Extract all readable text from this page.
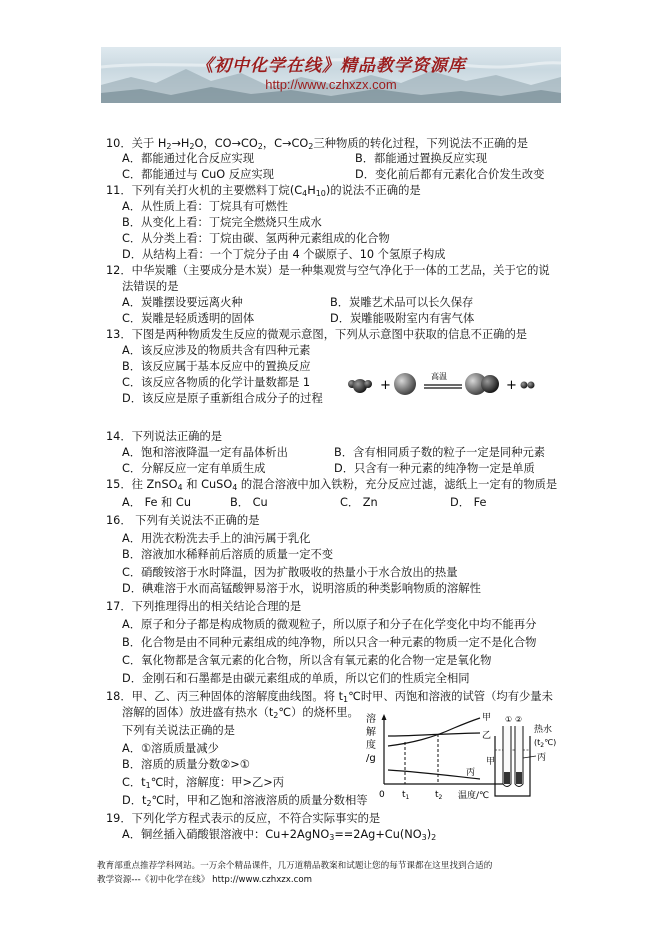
《初中化学在线》精品教学资源库
http://www.czhxzx.com
10．关于 $H_2\to H_2O$，$CO\to CO_2$，$C\to CO_2$三种物质的转化过程，下列说法不正确的是
A．都能通过化合反应实现	B．都能通过置换反应实现
C．都能通过与 CuO 反应实现	D．变化前后都有元素化合价发生改变
11．下列有关打火机的主要燃料丁烷$(C_4H_{10})$的说法不正确的是
A．从性质上看：丁烷具有可燃性
B．从变化上看：丁烷完全燃烧只生成水
C．从分类上看：丁烷由碳、氢两种元素组成的化合物
D．从结构上看：一个丁烷分子由 4 个碳原子、10 个氢原子构成
12．中华炭雕（主要成分是木炭）是一种集观赏与空气净化于一体的工艺品，关于它的说
法错误的是
A．炭雕摆设要远离火种	B．炭雕艺术品可以长久保存
C．炭雕是轻质透明的固体	D．炭雕能吸附室内有害气体
13．下图是两种物质发生反应的微观示意图，下列从示意图中获取的信息不正确的是
A．该反应涉及的物质共含有四种元素
B．该反应属于基本反应中的置换反应
C．该反应各物质的化学计量数都是 1
D．该反应是原子重新组合成分子的过程
+
高温
+
14．下列说法正确的是
A．饱和溶液降温一定有晶体析出	B．含有相同质子数的粒子一定是同种元素
C．分解反应一定有单质生成	D．只含有一种元素的纯净物一定是单质
15．往 ZnSO$_4$ 和 CuSO$_4$ 的混合溶液中加入铁粉，充分反应过滤，滤纸上一定有的物质是
A． Fe 和 Cu	B． Cu	C． Zn	D． Fe
16． 下列有关说法不正确的是
A．用洗衣粉洗去手上的油污属于乳化
B．溶液加水稀释前后溶质的质量一定不变
C．硝酸铵溶于水时降温，因为扩散吸收的热量小于水合放出的热量
D．碘难溶于水而高锰酸钾易溶于水，说明溶质的种类影响物质的溶解性
17．下列推理得出的相关结论合理的是
A．原子和分子都是构成物质的微观粒子，所以原子和分子在化学变化中均不能再分
B．化合物是由不同种元素组成的纯净物，所以只含一种元素的物质一定不是化合物
C．氧化物都是含氧元素的化合物，所以含有氧元素的化合物一定是氧化物
D．金刚石和石墨都是由碳元素组成的单质，所以它们的性质完全相同
18．甲、乙、丙三种固体的溶解度曲线图。将 $t_1℃$时甲、丙饱和溶液的试管（均有少量未
溶解的固体）放进盛有热水$(t_2℃)$的烧杯里。
下列有关说法正确的是
A．①溶质质量减少
B．溶质的质量分数②>①
C．$t_1℃$时，溶解度：甲>乙>丙
D．$t_2℃$时，甲和乙饱和溶液溶质的质量分数相等
溶
解
度
/g
甲
乙
丙
0 $t_1$	$t_2$ 温度/℃
① ②
热水
$(t_2℃)$
丙
甲
19．下列化学方程式表示的反应，不符合实际事实的是
A．铜丝插入硝酸银溶液中：$Cu+2AgNO_3==2Ag+Cu(NO_3)_2$
教育部重点推荐学科网站。一万余个精品课件，几万道精品教案和试题让您的每节课都在这里找到合适的
教学资源---《初中化学在线》 http://www.czhxzx.com
